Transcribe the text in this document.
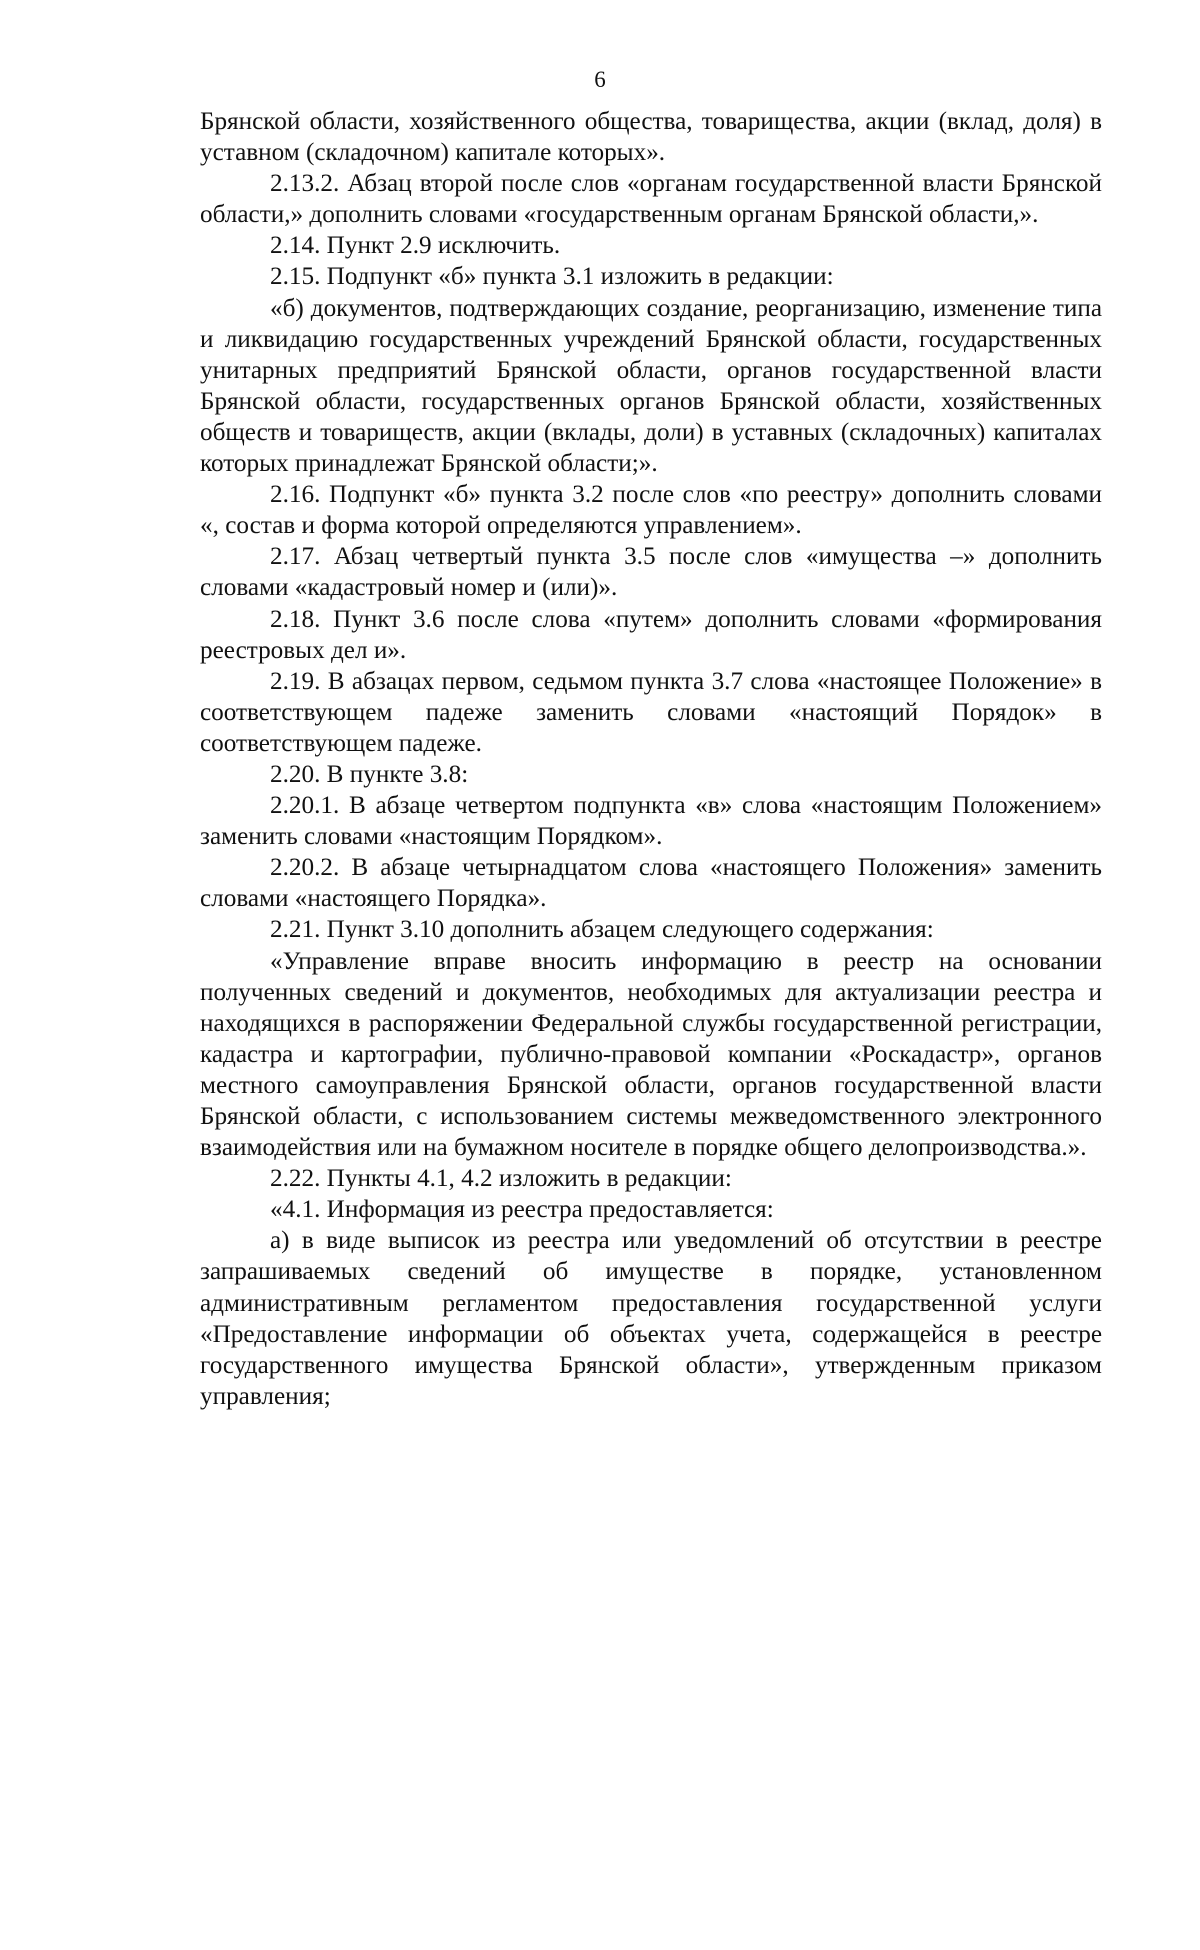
6

Брянской области, хозяйственного общества, товарищества, акции (вклад, доля) в уставном (складочном) капитале которых».

2.13.2. Абзац второй после слов «органам государственной власти Брянской области,» дополнить словами «государственным органам Брянской области,».

2.14. Пункт 2.9 исключить.

2.15. Подпункт «б» пункта 3.1 изложить в редакции:

«б) документов, подтверждающих создание, реорганизацию, изменение типа и ликвидацию государственных учреждений Брянской области, государственных унитарных предприятий Брянской области, органов государственной власти Брянской области, государственных органов Брянской области, хозяйственных обществ и товариществ, акции (вклады, доли) в уставных (складочных) капиталах которых принадлежат Брянской области;».

2.16. Подпункт «б» пункта 3.2 после слов «по реестру» дополнить словами «, состав и форма которой определяются управлением».

2.17. Абзац четвертый пункта 3.5 после слов «имущества –» дополнить словами «кадастровый номер и (или)».

2.18. Пункт 3.6 после слова «путем» дополнить словами «формирования реестровых дел и».

2.19. В абзацах первом, седьмом пункта 3.7 слова «настоящее Положение» в соответствующем падеже заменить словами «настоящий Порядок» в соответствующем падеже.

2.20. В пункте 3.8:

2.20.1. В абзаце четвертом подпункта «в» слова «настоящим Положением» заменить словами «настоящим Порядком».

2.20.2. В абзаце четырнадцатом слова «настоящего Положения» заменить словами «настоящего Порядка».

2.21. Пункт 3.10 дополнить абзацем следующего содержания:

«Управление вправе вносить информацию в реестр на основании полученных сведений и документов, необходимых для актуализации реестра и находящихся в распоряжении Федеральной службы государственной регистрации, кадастра и картографии, публично-правовой компании «Роскадастр», органов местного самоуправления Брянской области, органов государственной власти Брянской области, с использованием системы межведомственного электронного взаимодействия или на бумажном носителе в порядке общего делопроизводства.».

2.22. Пункты 4.1, 4.2 изложить в редакции:

«4.1. Информация из реестра предоставляется:

а) в виде выписок из реестра или уведомлений об отсутствии в реестре запрашиваемых сведений об имуществе в порядке, установленном административным регламентом предоставления государственной услуги «Предоставление информации об объектах учета, содержащейся в реестре государственного имущества Брянской области», утвержденным приказом управления;
